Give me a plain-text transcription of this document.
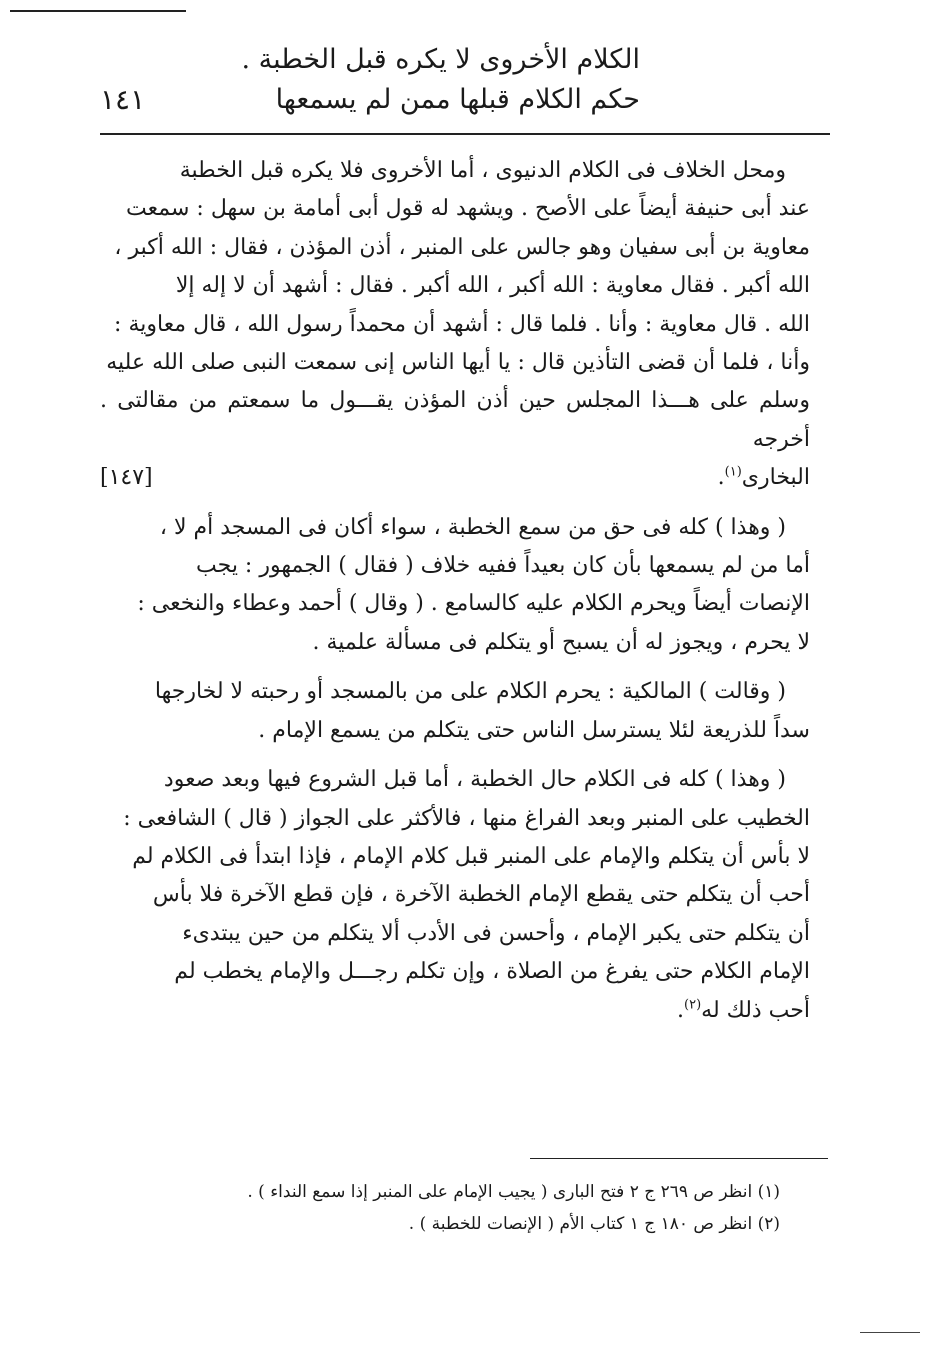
الكلام الأخروى لا يكره قبل الخطبة .
حكم الكلام قبلها ممن لم يسمعها
١٤١
ومحل الخلاف فى الكلام الدنيوى ، أما الأخروى فلا يكره قبل الخطبة
عند أبى حنيفة أيضاً على الأصح . ويشهد له قول أبى أمامة بن سهل : سمعت
معاوية بن أبى سفيان وهو جالس على المنبر ، أذن المؤذن ، فقال : الله أكبر ،
الله أكبر . فقال معاوية : الله أكبر ، الله أكبر . فقال : أشهد أن لا إله إلا
الله . قال معاوية : وأنا . فلما قال : أشهد أن محمداً رسول الله ، قال معاوية :
وأنا ، فلما أن قضى التأذين قال : يا أيها الناس إنى سمعت النبى صلى الله عليه
وسلم على هـــذا المجلس حين أذن المؤذن يقـــول ما سمعتم من مقالتى . أخرجه
البخارى$^{(١)}$.
[١٤٧]
( وهذا ) كله فى حق من سمع الخطبة ، سواء أكان فى المسجد أم لا ،
أما من لم يسمعها بأن كان بعيداً ففيه خلاف ( فقال ) الجمهور : يجب
الإنصات أيضاً ويحرم الكلام عليه كالسامع . ( وقال ) أحمد وعطاء والنخعى :
لا يحرم ، ويجوز له أن يسبح أو يتكلم فى مسألة علمية .
( وقالت ) المالكية : يحرم الكلام على من بالمسجد أو رحبته لا لخارجها
سداً للذريعة لئلا يسترسل الناس حتى يتكلم من يسمع الإمام .
( وهذا ) كله فى الكلام حال الخطبة ، أما قبل الشروع فيها وبعد صعود
الخطيب على المنبر وبعد الفراغ منها ، فالأكثر على الجواز ( قال ) الشافعى :
لا بأس أن يتكلم والإمام على المنبر قبل كلام الإمام ، فإذا ابتدأ فى الكلام لم
أحب أن يتكلم حتى يقطع الإمام الخطبة الآخرة ، فإن قطع الآخرة فلا بأس
أن يتكلم حتى يكبر الإمام ، وأحسن فى الأدب ألا يتكلم من حين يبتدىء
الإمام الكلام حتى يفرغ من الصلاة ، وإن تكلم رجـــل والإمام يخطب لم
أحب ذلك له$^{(٢)}$.
(١) انظر ص ٢٦٩ ج ٢ فتح البارى ( يجيب الإمام على المنبر إذا سمع النداء ) .
(٢) انظر ص ١٨٠ ج ١ كتاب الأم ( الإنصات للخطبة ) .
